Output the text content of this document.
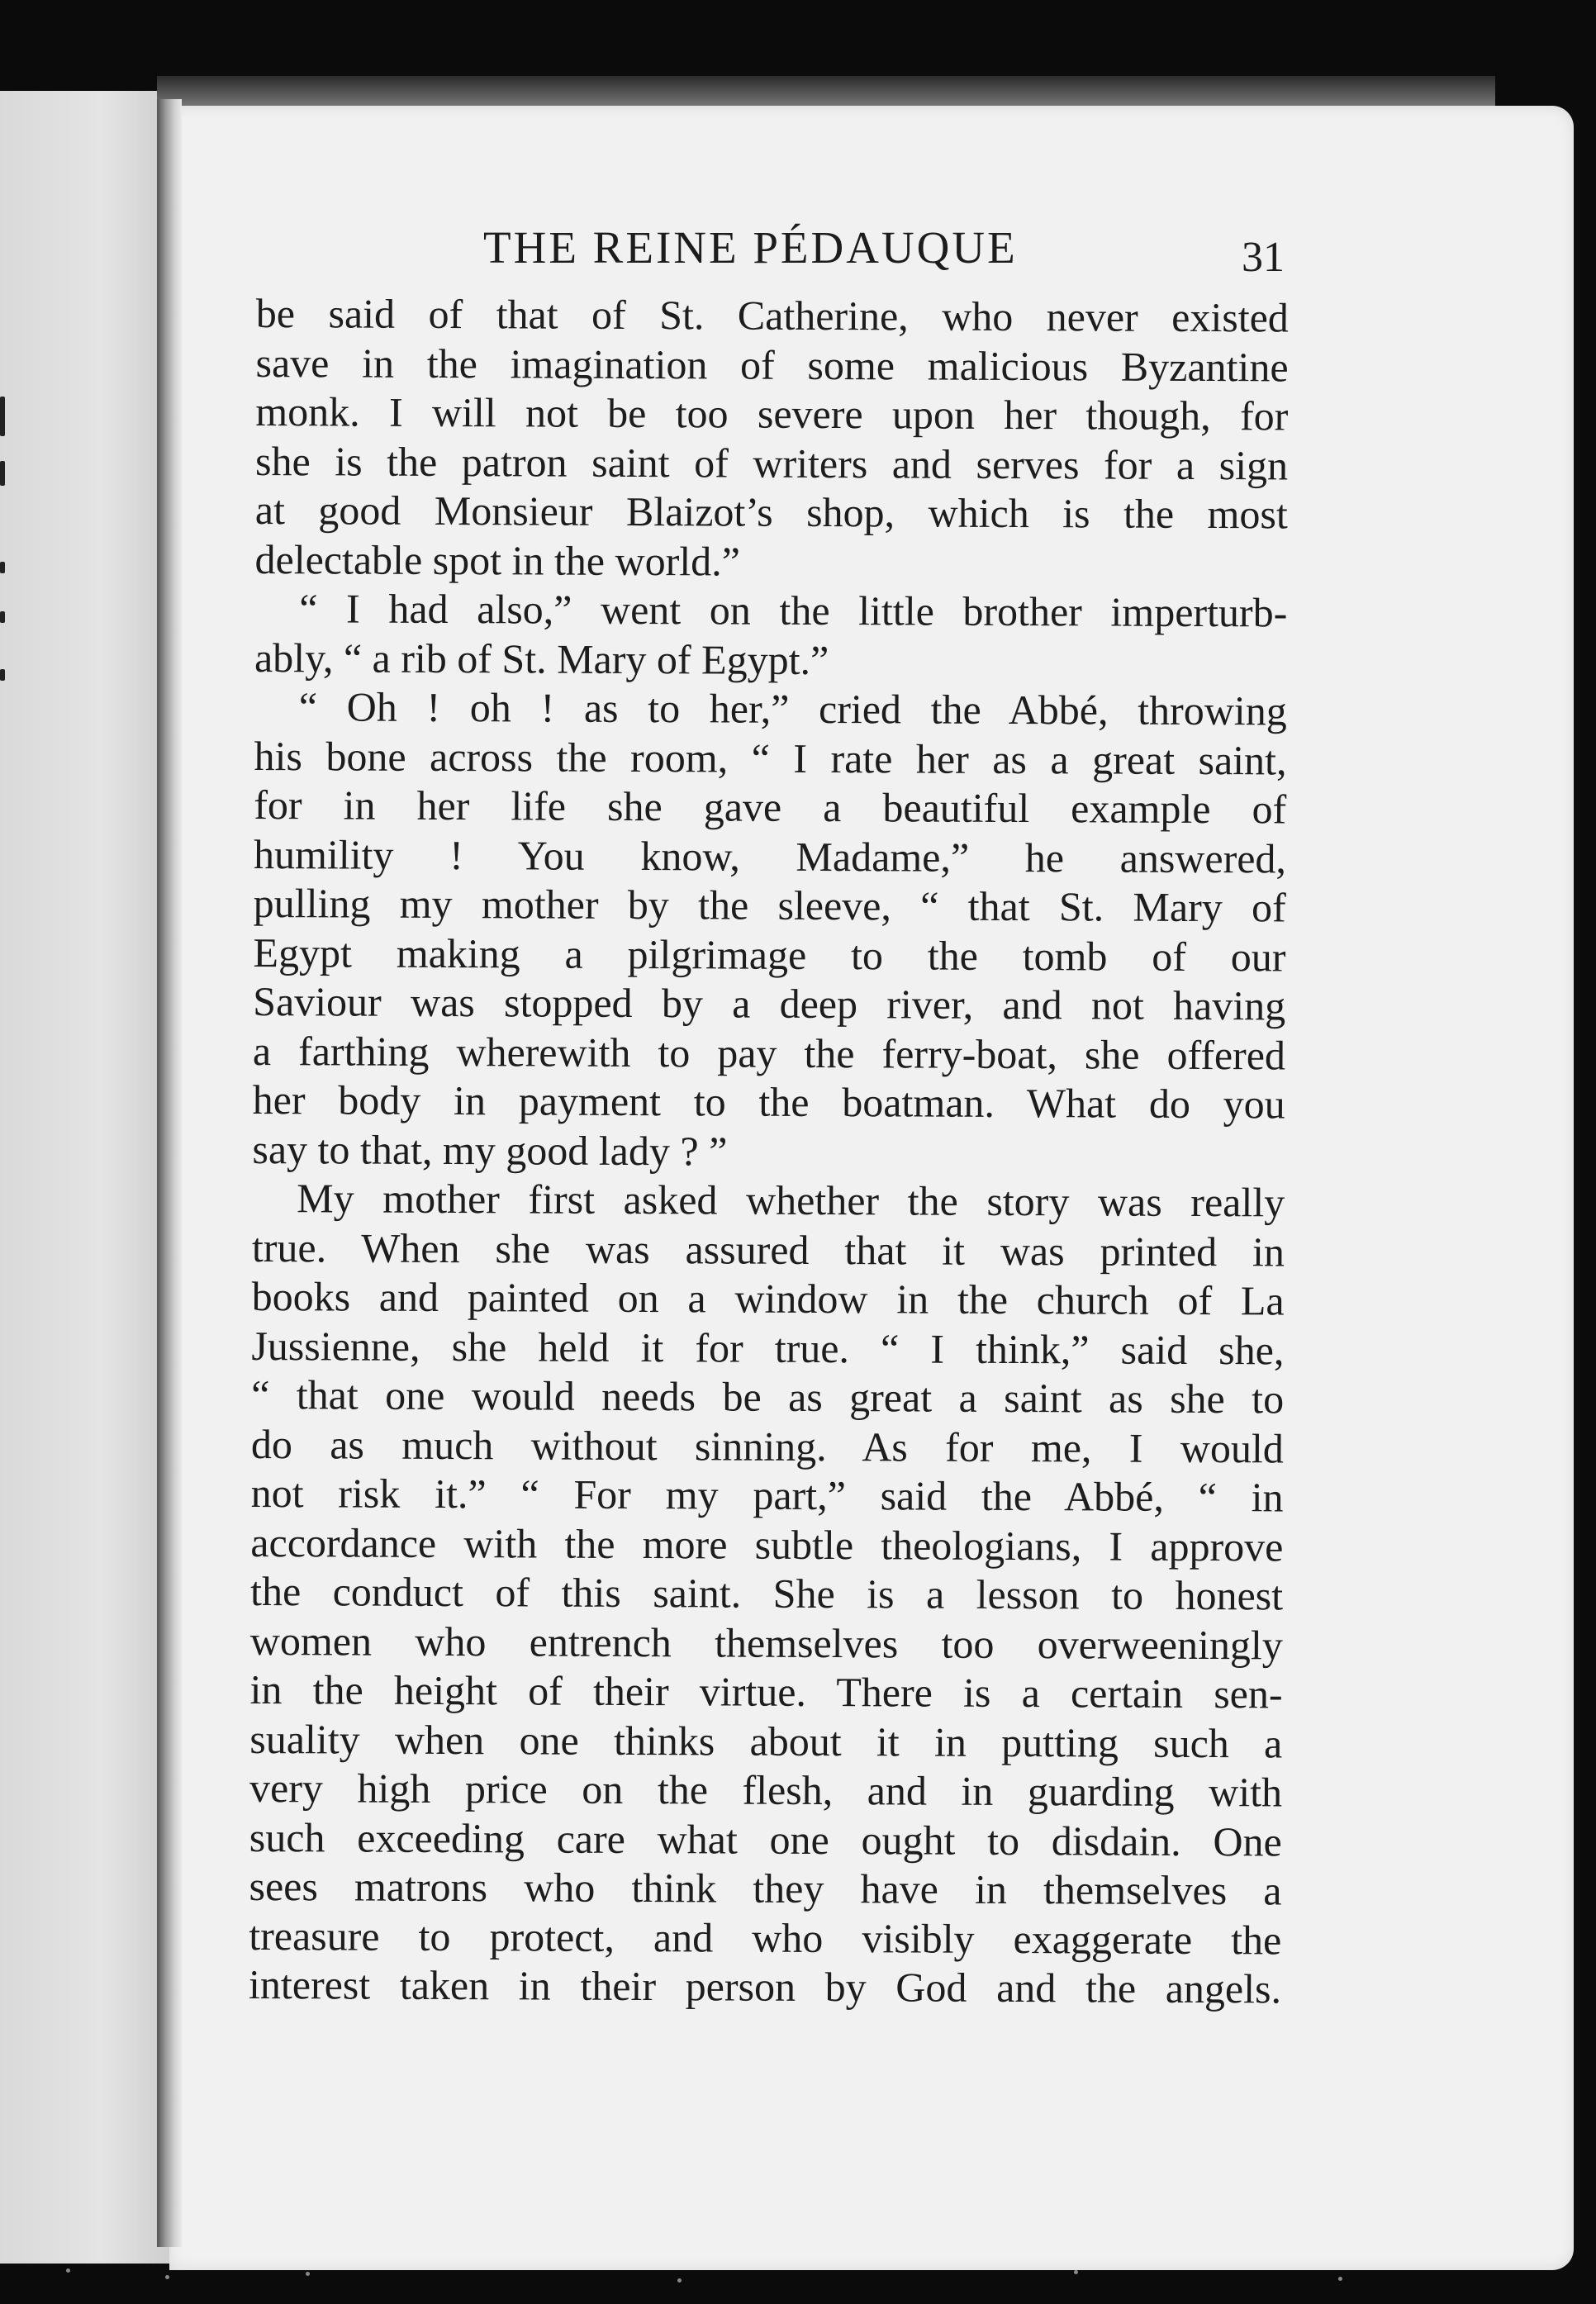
THE REINE PÉDAUQUE	31
be said of that of St. Catherine, who never existed
save in the imagination of some malicious Byzantine
monk. I will not be too severe upon her though, for
she is the patron saint of writers and serves for a sign
at good Monsieur Blaizot’s shop, which is the most
delectable spot in the world.”
“ I had also,” went on the little brother imperturb-
ably, “ a rib of St. Mary of Egypt.”
“ Oh ! oh ! as to her,” cried the Abbé, throwing
his bone across the room, “ I rate her as a great saint,
for in her life she gave a beautiful example of
humility ! You know, Madame,” he answered,
pulling my mother by the sleeve, “ that St. Mary of
Egypt making a pilgrimage to the tomb of our
Saviour was stopped by a deep river, and not having
a farthing wherewith to pay the ferry-boat, she offered
her body in payment to the boatman. What do you
say to that, my good lady ? ”
My mother first asked whether the story was really
true. When she was assured that it was printed in
books and painted on a window in the church of La
Jussienne, she held it for true. “ I think,” said she,
“ that one would needs be as great a saint as she to
do as much without sinning. As for me, I would
not risk it.” “ For my part,” said the Abbé, “ in
accordance with the more subtle theologians, I approve
the conduct of this saint. She is a lesson to honest
women who entrench themselves too overweeningly
in the height of their virtue. There is a certain sen-
suality when one thinks about it in putting such a
very high price on the flesh, and in guarding with
such exceeding care what one ought to disdain. One
sees matrons who think they have in themselves a
treasure to protect, and who visibly exaggerate the
interest taken in their person by God and the angels.
